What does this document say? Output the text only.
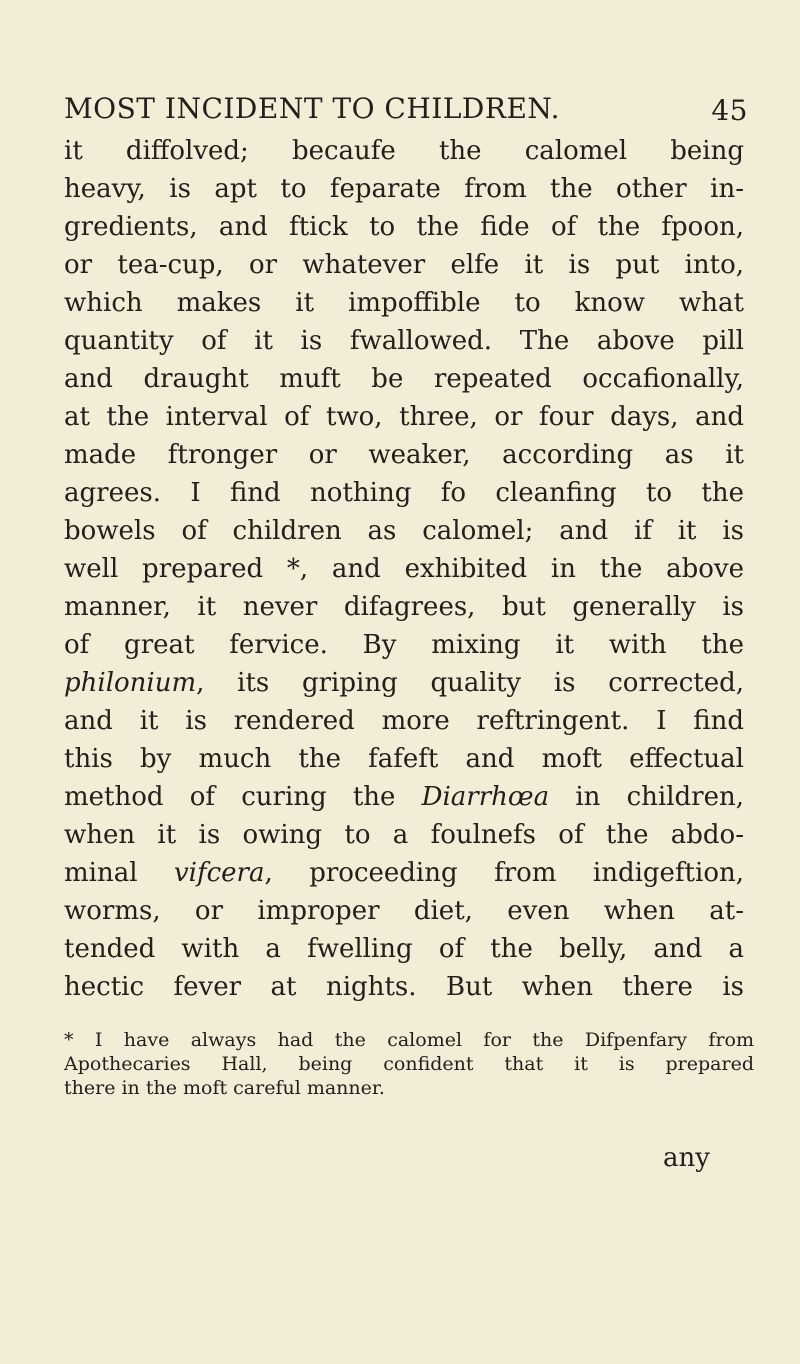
MOST INCIDENT TO CHILDREN.	45
it diffolved; becaufe the calomel being
heavy, is apt to feparate from the other in-
gredients, and ftick to the fide of the fpoon,
or tea-cup, or whatever elfe it is put into,
which makes it impoffible to know what
quantity of it is fwallowed. The above pill
and draught muft be repeated occafionally,
at the interval of two, three, or four days, and
made ftronger or weaker, according as it
agrees. I find nothing fo cleanfing to the
bowels of children as calomel; and if it is
well prepared *, and exhibited in the above
manner, it never difagrees, but generally is
of great fervice. By mixing it with the
philonium, its griping quality is corrected,
and it is rendered more reftringent. I find
this by much the fafeft and moft effectual
method of curing the Diarrhœa in children,
when it is owing to a foulnefs of the abdo-
minal vifcera, proceeding from indigeftion,
worms, or improper diet, even when at-
tended with a fwelling of the belly, and a
hectic fever at nights. But when there is
* I have always had the calomel for the Difpenfary from
Apothecaries Hall, being confident that it is prepared
there in the moft careful manner.
any
